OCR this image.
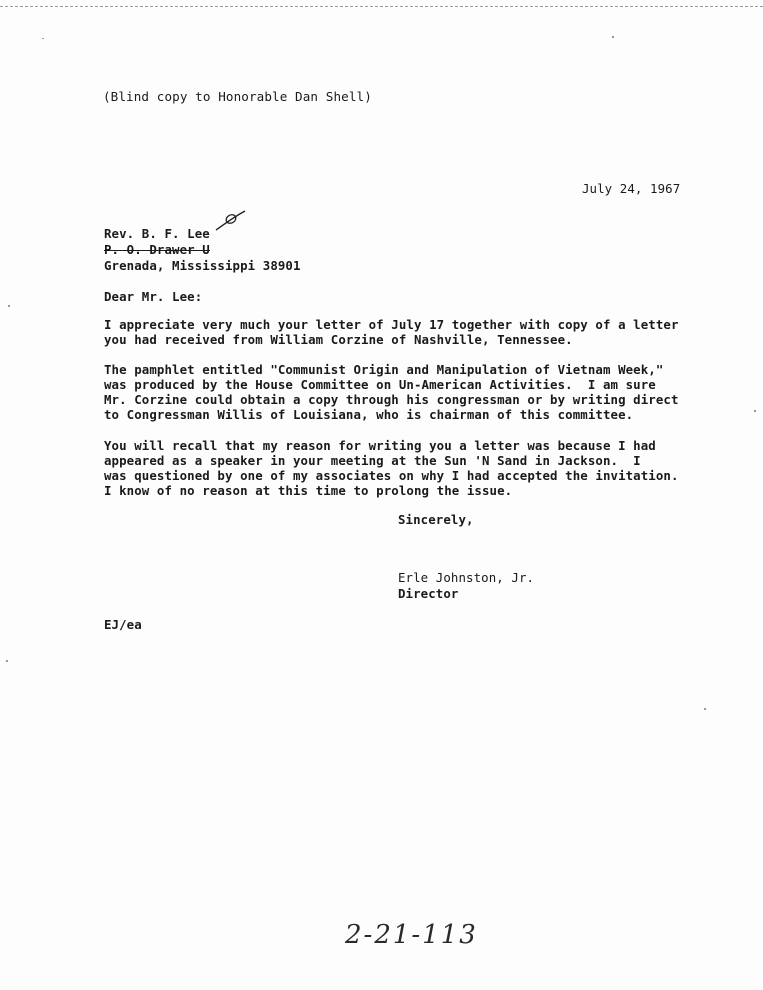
(Blind copy to Honorable Dan Shell)
July 24, 1967
Rev. B. F. Lee
P. O. Drawer U
Grenada, Mississippi 38901
Dear Mr. Lee:
I appreciate very much your letter of July 17 together with copy of a letter
you had received from William Corzine of Nashville, Tennessee.
The pamphlet entitled "Communist Origin and Manipulation of Vietnam Week,"
was produced by the House Committee on Un-American Activities.  I am sure
Mr. Corzine could obtain a copy through his congressman or by writing direct
to Congressman Willis of Louisiana, who is chairman of this committee.
You will recall that my reason for writing you a letter was because I had
appeared as a speaker in your meeting at the Sun 'N Sand in Jackson.  I
was questioned by one of my associates on why I had accepted the invitation.
I know of no reason at this time to prolong the issue.
Sincerely,
Erle Johnston, Jr.
Director
EJ/ea
2-21-113
